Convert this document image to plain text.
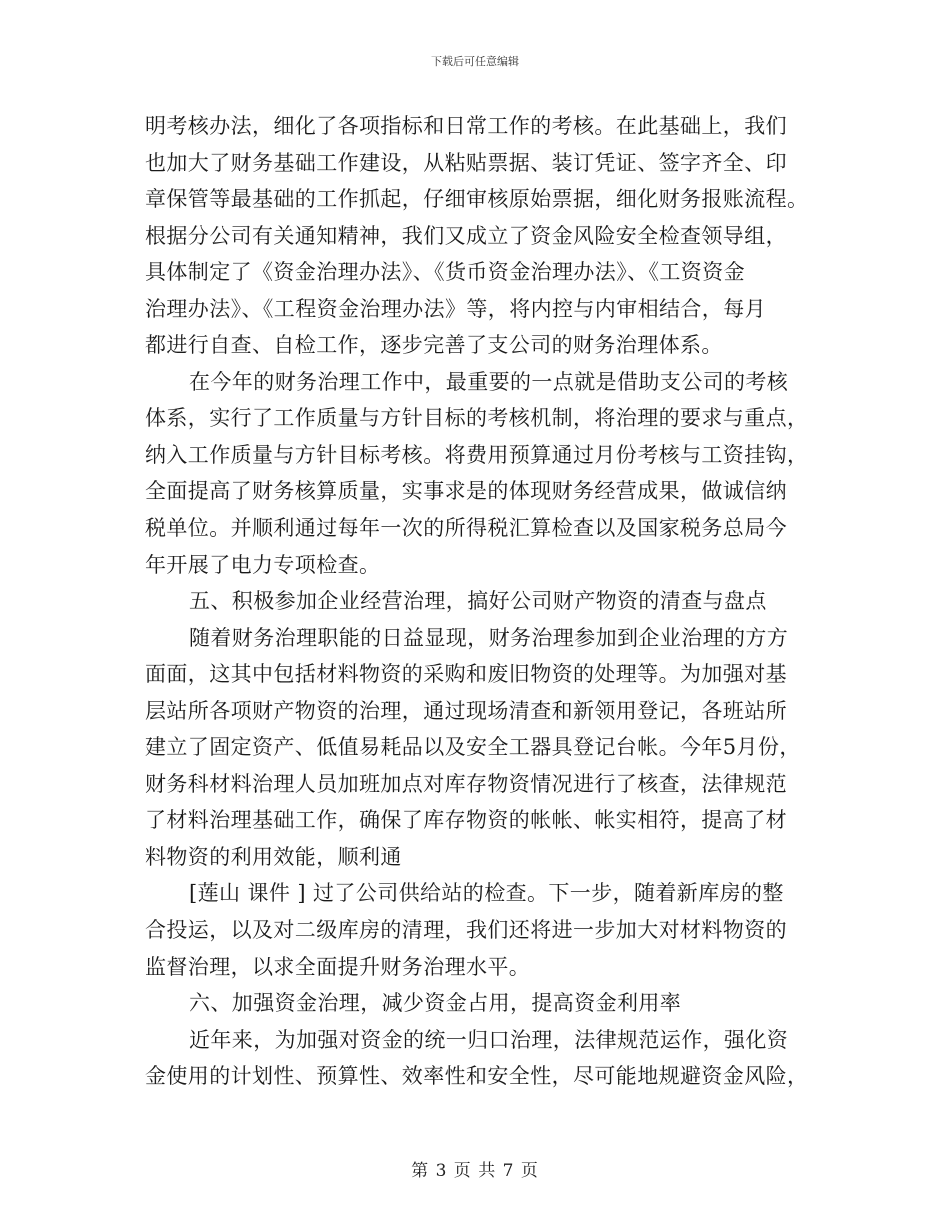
下载后可任意编辑
明考核办法，细化了各项指标和日常工作的考核。在此基础上，我们
也加大了财务基础工作建设，从粘贴票据、装订凭证、签字齐全、印
章保管等最基础的工作抓起，仔细审核原始票据，细化财务报账流程。
根据分公司有关通知精神，我们又成立了资金风险安全检查领导组，
具体制定了《资金治理办法》、《货币资金治理办法》、《工资资金
治理办法》、《工程资金治理办法》等，将内控与内审相结合，每月
都进行自查、自检工作，逐步完善了支公司的财务治理体系。
在今年的财务治理工作中，最重要的一点就是借助支公司的考核
体系，实行了工作质量与方针目标的考核机制，将治理的要求与重点，
纳入工作质量与方针目标考核。将费用预算通过月份考核与工资挂钩，
全面提高了财务核算质量，实事求是的体现财务经营成果，做诚信纳
税单位。并顺利通过每年一次的所得税汇算检查以及国家税务总局今
年开展了电力专项检查。
五、积极参加企业经营治理，搞好公司财产物资的清查与盘点
随着财务治理职能的日益显现，财务治理参加到企业治理的方方
面面，这其中包括材料物资的采购和废旧物资的处理等。为加强对基
层站所各项财产物资的治理，通过现场清查和新领用登记，各班站所
建立了固定资产、低值易耗品以及安全工器具登记台帐。今年5月份，
财务科材料治理人员加班加点对库存物资情况进行了核查，法律规范
了材料治理基础工作，确保了库存物资的帐帐、帐实相符，提高了材
料物资的利用效能，顺利通
[莲山 课件 ] 过了公司供给站的检查。下一步，随着新库房的整
合投运，以及对二级库房的清理，我们还将进一步加大对材料物资的
监督治理，以求全面提升财务治理水平。
六、加强资金治理，减少资金占用，提高资金利用率
近年来，为加强对资金的统一归口治理，法律规范运作，强化资
金使用的计划性、预算性、效率性和安全性，尽可能地规避资金风险，
第 3 页 共 7 页
